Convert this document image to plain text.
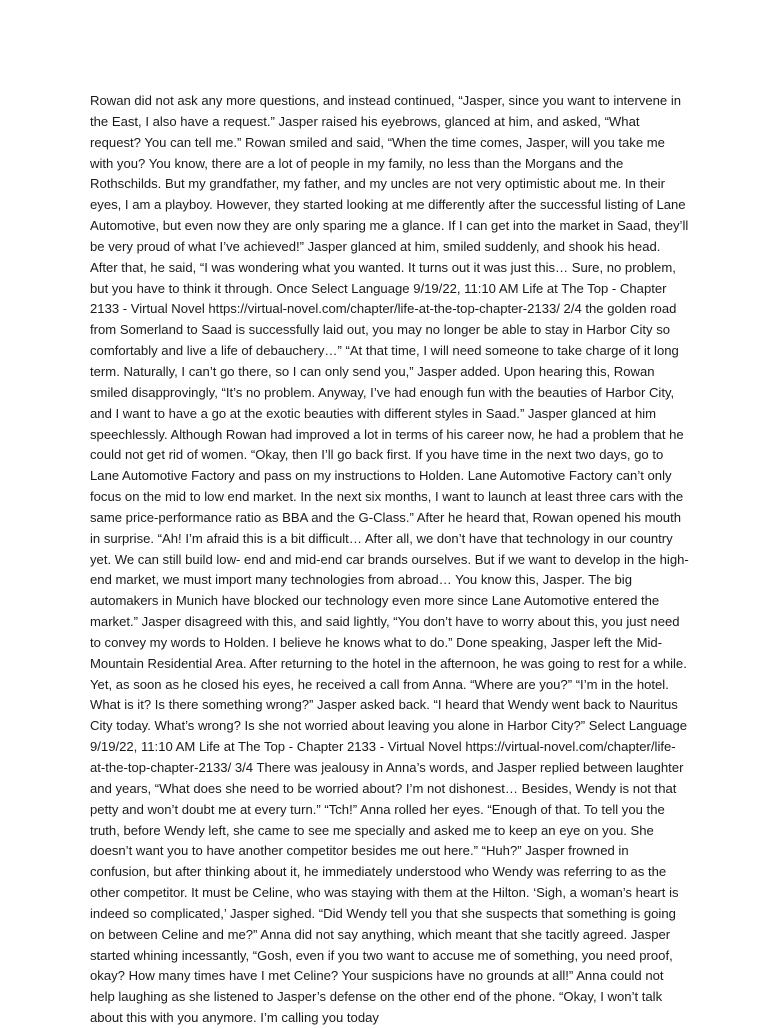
Rowan did not ask any more questions, and instead continued, “Jasper, since you want to intervene in the East, I also have a request.” Jasper raised his eyebrows, glanced at him, and asked, “What request? You can tell me.” Rowan smiled and said, “When the time comes, Jasper, will you take me with you? You know, there are a lot of people in my family, no less than the Morgans and the Rothschilds. But my grandfather, my father, and my uncles are not very optimistic about me. In their eyes, I am a playboy. However, they started looking at me differently after the successful listing of Lane Automotive, but even now they are only sparing me a glance. If I can get into the market in Saad, they’ll be very proud of what I’ve achieved!” Jasper glanced at him, smiled suddenly, and shook his head. After that, he said, “I was wondering what you wanted. It turns out it was just this… Sure, no problem, but you have to think it through. Once Select Language 9/19/22, 11:10 AM Life at The Top - Chapter 2133 - Virtual Novel https://virtual-novel.com/chapter/life-at-the-top-chapter-2133/ 2/4 the golden road from Somerland to Saad is successfully laid out, you may no longer be able to stay in Harbor City so comfortably and live a life of debauchery…” “At that time, I will need someone to take charge of it long term. Naturally, I can’t go there, so I can only send you,” Jasper added. Upon hearing this, Rowan smiled disapprovingly, “It’s no problem. Anyway, I’ve had enough fun with the beauties of Harbor City, and I want to have a go at the exotic beauties with different styles in Saad.” Jasper glanced at him speechlessly. Although Rowan had improved a lot in terms of his career now, he had a problem that he could not get rid of women. “Okay, then I’ll go back first. If you have time in the next two days, go to Lane Automotive Factory and pass on my instructions to Holden. Lane Automotive Factory can’t only focus on the mid to low end market. In the next six months, I want to launch at least three cars with the same price-performance ratio as BBA and the G-Class.” After he heard that, Rowan opened his mouth in surprise. “Ah! I’m afraid this is a bit difficult… After all, we don’t have that technology in our country yet. We can still build low- end and mid-end car brands ourselves. But if we want to develop in the high-end market, we must import many technologies from abroad… You know this, Jasper. The big automakers in Munich have blocked our technology even more since Lane Automotive entered the market.” Jasper disagreed with this, and said lightly, “You don’t have to worry about this, you just need to convey my words to Holden. I believe he knows what to do.” Done speaking, Jasper left the Mid-Mountain Residential Area. After returning to the hotel in the afternoon, he was going to rest for a while. Yet, as soon as he closed his eyes, he received a call from Anna. “Where are you?” “I’m in the hotel. What is it? Is there something wrong?” Jasper asked back. “I heard that Wendy went back to Nauritus City today. What’s wrong? Is she not worried about leaving you alone in Harbor City?” Select Language 9/19/22, 11:10 AM Life at The Top - Chapter 2133 - Virtual Novel https://virtual-novel.com/chapter/life-at-the-top-chapter-2133/ 3/4 There was jealousy in Anna’s words, and Jasper replied between laughter and years, “What does she need to be worried about? I’m not dishonest… Besides, Wendy is not that petty and won’t doubt me at every turn.” “Tch!” Anna rolled her eyes. “Enough of that. To tell you the truth, before Wendy left, she came to see me specially and asked me to keep an eye on you. She doesn’t want you to have another competitor besides me out here.” “Huh?” Jasper frowned in confusion, but after thinking about it, he immediately understood who Wendy was referring to as the other competitor. It must be Celine, who was staying with them at the Hilton. ‘Sigh, a woman’s heart is indeed so complicated,’ Jasper sighed. “Did Wendy tell you that she suspects that something is going on between Celine and me?” Anna did not say anything, which meant that she tacitly agreed. Jasper started whining incessantly, “Gosh, even if you two want to accuse me of something, you need proof, okay? How many times have I met Celine? Your suspicions have no grounds at all!” Anna could not help laughing as she listened to Jasper’s defense on the other end of the phone. “Okay, I won’t talk about this with you anymore. I’m calling you today
